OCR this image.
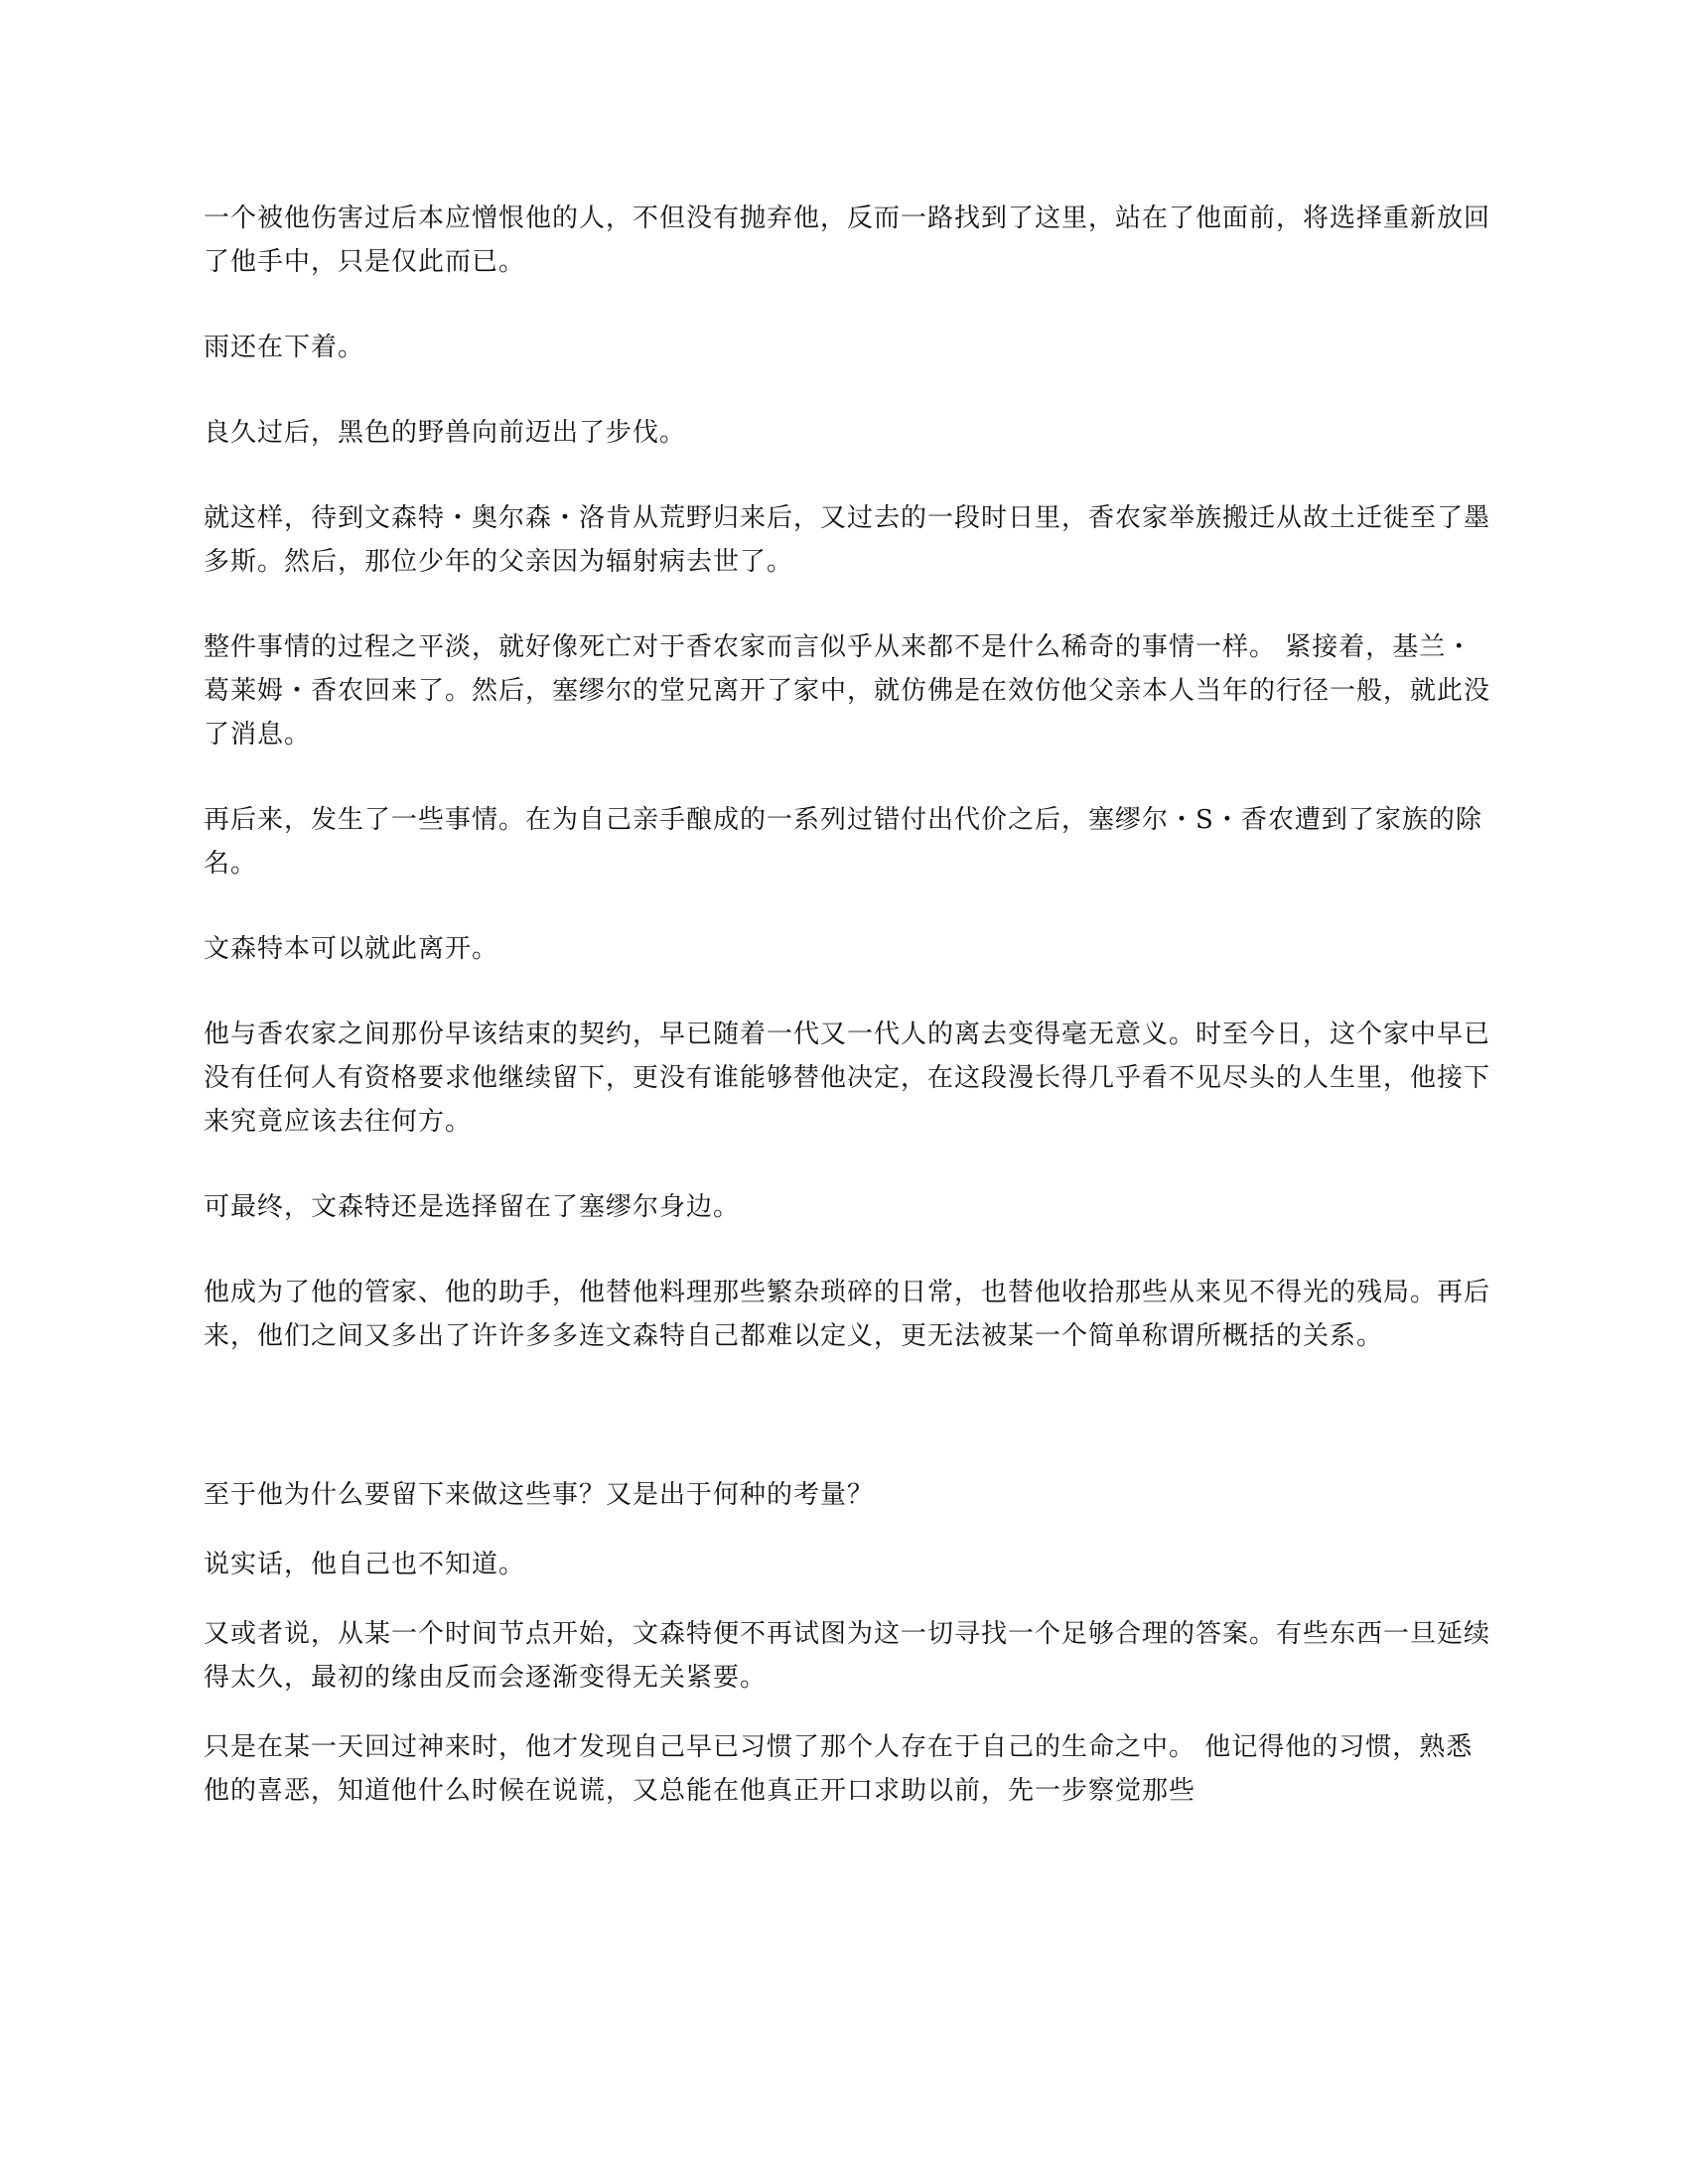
一个被他伤害过后本应憎恨他的人，不但没有抛弃他，反而一路找到了这里，站在了他面前，将选择重新放回了他手中，只是仅此而已。

雨还在下着。

良久过后，黑色的野兽向前迈出了步伐。

就这样，待到文森特・奥尔森・洛肯从荒野归来后，又过去的一段时日里，香农家举族搬迁从故土迁徙至了墨多斯。然后，那位少年的父亲因为辐射病去世了。

整件事情的过程之平淡，就好像死亡对于香农家而言似乎从来都不是什么稀奇的事情一样。 紧接着，基兰・葛莱姆・香农回来了。然后，塞缪尔的堂兄离开了家中，就仿佛是在效仿他父亲本人当年的行径一般，就此没了消息。

再后来，发生了一些事情。在为自己亲手酿成的一系列过错付出代价之后，塞缪尔・S・香农遭到了家族的除名。

文森特本可以就此离开。

他与香农家之间那份早该结束的契约，早已随着一代又一代人的离去变得毫无意义。时至今日，这个家中早已没有任何人有资格要求他继续留下，更没有谁能够替他决定，在这段漫长得几乎看不见尽头的人生里，他接下来究竟应该去往何方。

可最终，文森特还是选择留在了塞缪尔身边。

他成为了他的管家、他的助手，他替他料理那些繁杂琐碎的日常，也替他收拾那些从来见不得光的残局。再后来，他们之间又多出了许许多多连文森特自己都难以定义，更无法被某一个简单称谓所概括的关系。

至于他为什么要留下来做这些事？又是出于何种的考量？

说实话，他自己也不知道。

又或者说，从某一个时间节点开始，文森特便不再试图为这一切寻找一个足够合理的答案。有些东西一旦延续得太久，最初的缘由反而会逐渐变得无关紧要。

只是在某一天回过神来时，他才发现自己早已习惯了那个人存在于自己的生命之中。 他记得他的习惯，熟悉他的喜恶，知道他什么时候在说谎，又总能在他真正开口求助以前，先一步察觉那些
